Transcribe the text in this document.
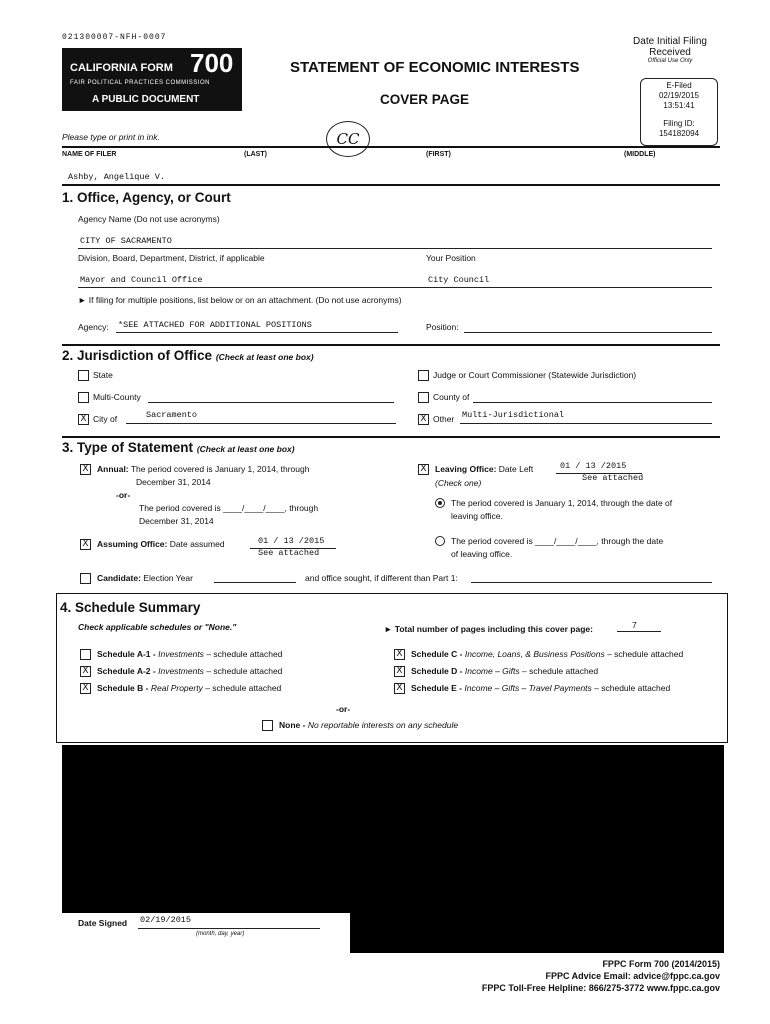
021300007-NFH-0007
CALIFORNIA FORM 700
FAIR POLITICAL PRACTICES COMMISSION
A PUBLIC DOCUMENT
STATEMENT OF ECONOMIC INTERESTS
COVER PAGE
CC
Date Initial Filing
Received
Official Use Only
E-Filed
02/19/2015
13:51:41
Filing ID:
154182094
Please type or print in ink.
NAME OF FILER	(LAST)	(FIRST)	(MIDDLE)
Ashby, Angelique V.
1. Office, Agency, or Court
Agency Name (Do not use acronyms)
CITY OF SACRAMENTO
Division, Board, Department, District, if applicable	Your Position
Mayor and Council Office	City Council
► If filing for multiple positions, list below or on an attachment. (Do not use acronyms)
Agency: *SEE ATTACHED FOR ADDITIONAL POSITIONS	Position:
2. Jurisdiction of Office (Check at least one box)
State	Judge or Court Commissioner (Statewide Jurisdiction)
Multi-County	County of
X City of	Sacramento	X Other Multi-Jurisdictional
3. Type of Statement (Check at least one box)
X Annual: The period covered is January 1, 2014, through
December 31, 2014
-or-
The period covered is ____/____/____, through
December 31, 2014
X Assuming Office: Date assumed	01 / 13 /2015
See attached
X Leaving Office: Date Left	01 / 13 /2015
See attached
(Check one)
The period covered is January 1, 2014, through the date of
leaving office.
The period covered is ____/____/____, through the date
of leaving office.
Candidate: Election Year	and office sought, if different than Part 1:
4. Schedule Summary
Check applicable schedules or "None."	► Total number of pages including this cover page:	7
Schedule A-1 - Investments – schedule attached
X Schedule A-2 - Investments – schedule attached
X Schedule B - Real Property – schedule attached
X Schedule C - Income, Loans, & Business Positions – schedule attached
X Schedule D - Income – Gifts – schedule attached
X Schedule E - Income – Gifts – Travel Payments – schedule attached
-or-
None - No reportable interests on any schedule
Date Signed 02/19/2015
(month, day, year)
FPPC Form 700 (2014/2015)
FPPC Advice Email: advice@fppc.ca.gov
FPPC Toll-Free Helpline: 866/275-3772 www.fppc.ca.gov
